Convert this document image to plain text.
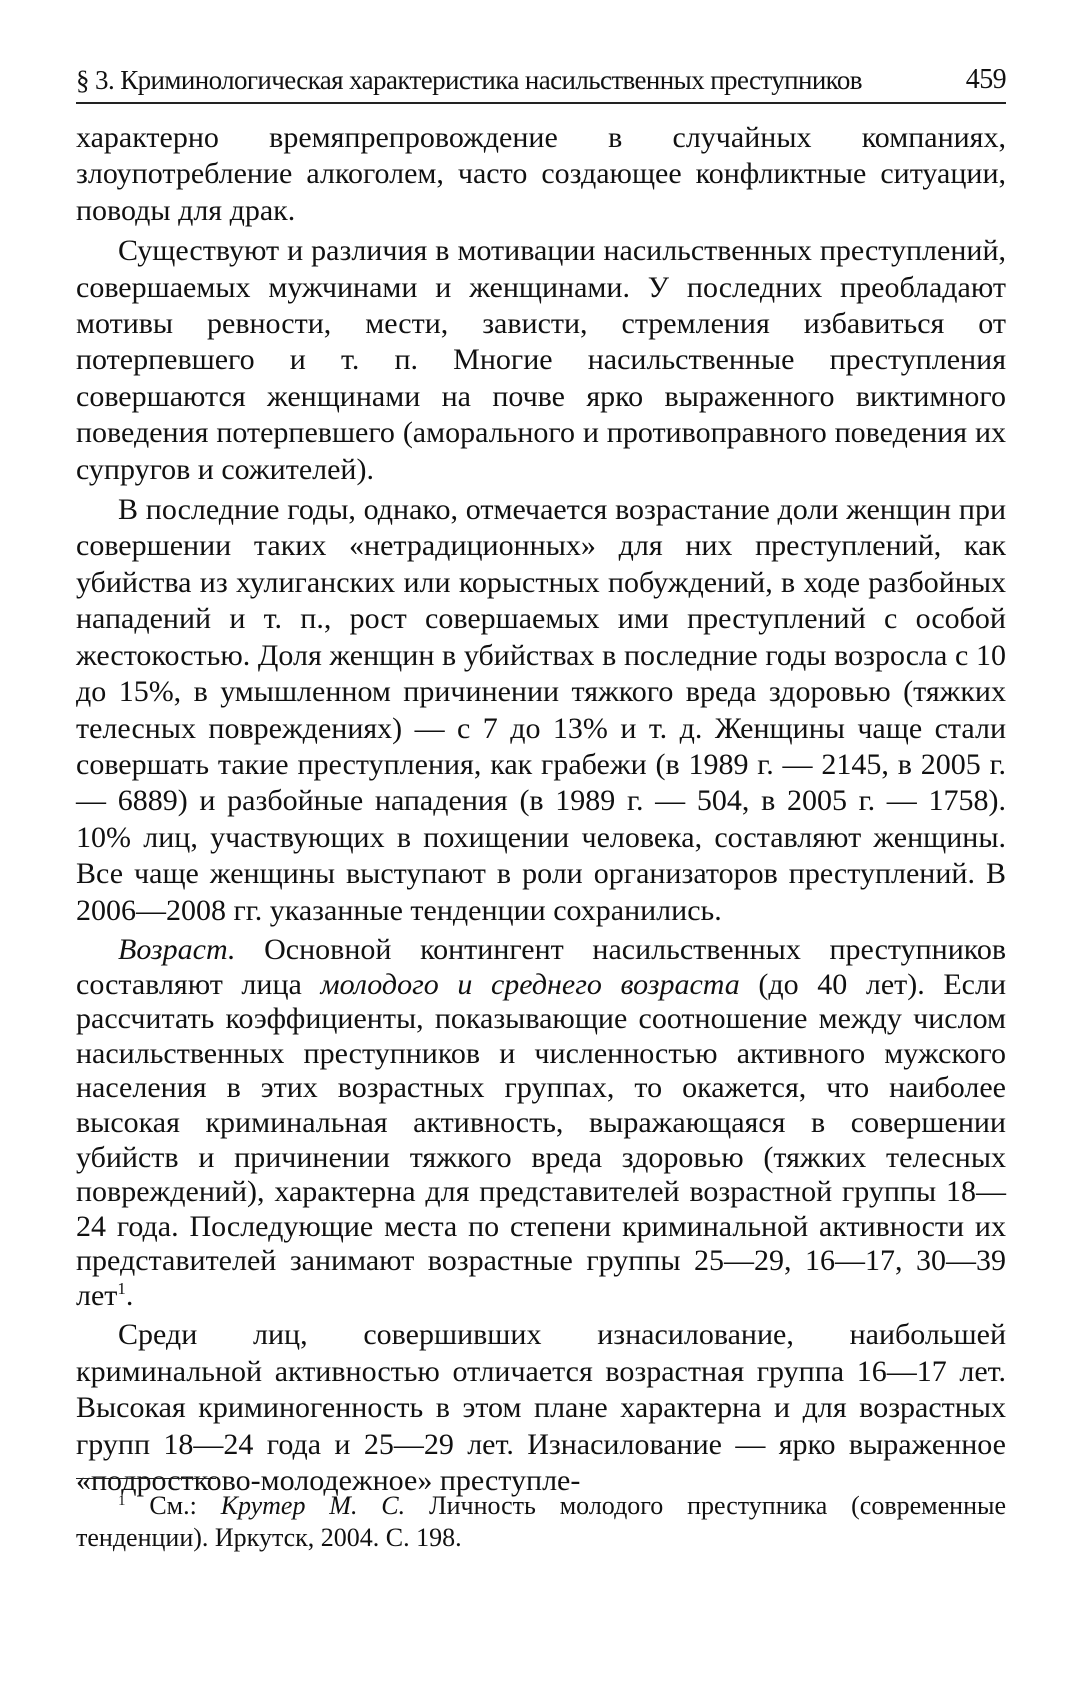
§ 3. Криминологическая характеристика насильственных преступников	459

характерно времяпрепровождение в случайных компаниях, злоупотребление алкоголем, часто создающее конфликтные ситуации, поводы для драк.

Существуют и различия в мотивации насильственных преступлений, совершаемых мужчинами и женщинами. У последних преобладают мотивы ревности, мести, зависти, стремления избавиться от потерпевшего и т. п. Многие насильственные преступления совершаются женщинами на почве ярко выраженного виктимного поведения потерпевшего (аморального и противоправного поведения их супругов и сожителей).

В последние годы, однако, отмечается возрастание доли женщин при совершении таких «нетрадиционных» для них преступлений, как убийства из хулиганских или корыстных побуждений, в ходе разбойных нападений и т. п., рост совершаемых ими преступлений с особой жестокостью. Доля женщин в убийствах в последние годы возросла с 10 до 15%, в умышленном причинении тяжкого вреда здоровью (тяжких телесных повреждениях) — с 7 до 13% и т. д. Женщины чаще стали совершать такие преступления, как грабежи (в 1989 г. — 2145, в 2005 г. — 6889) и разбойные нападения (в 1989 г. — 504, в 2005 г. — 1758). 10% лиц, участвующих в похищении человека, составляют женщины. Все чаще женщины выступают в роли организаторов преступлений. В 2006—2008 гг. указанные тенденции сохранились.

Возраст. Основной контингент насильственных преступников составляют лица молодого и среднего возраста (до 40 лет). Если рассчитать коэффициенты, показывающие соотношение между числом насильственных преступников и численностью активного мужского населения в этих возрастных группах, то окажется, что наиболее высокая криминальная активность, выражающаяся в совершении убийств и причинении тяжкого вреда здоровью (тяжких телесных повреждений), характерна для представителей возрастной группы 18—24 года. Последующие места по степени криминальной активности их представителей занимают возрастные группы 25—29, 16—17, 30—39 лет$^1$.

Среди лиц, совершивших изнасилование, наибольшей криминальной активностью отличается возрастная группа 16—17 лет. Высокая криминогенность в этом плане характерна и для возрастных групп 18—24 года и 25—29 лет. Изнасилование — ярко выраженное «подростково-молодежное» преступле-

$^1$ См.: Крутер М. С. Личность молодого преступника (современные тенденции). Иркутск, 2004. С. 198.
